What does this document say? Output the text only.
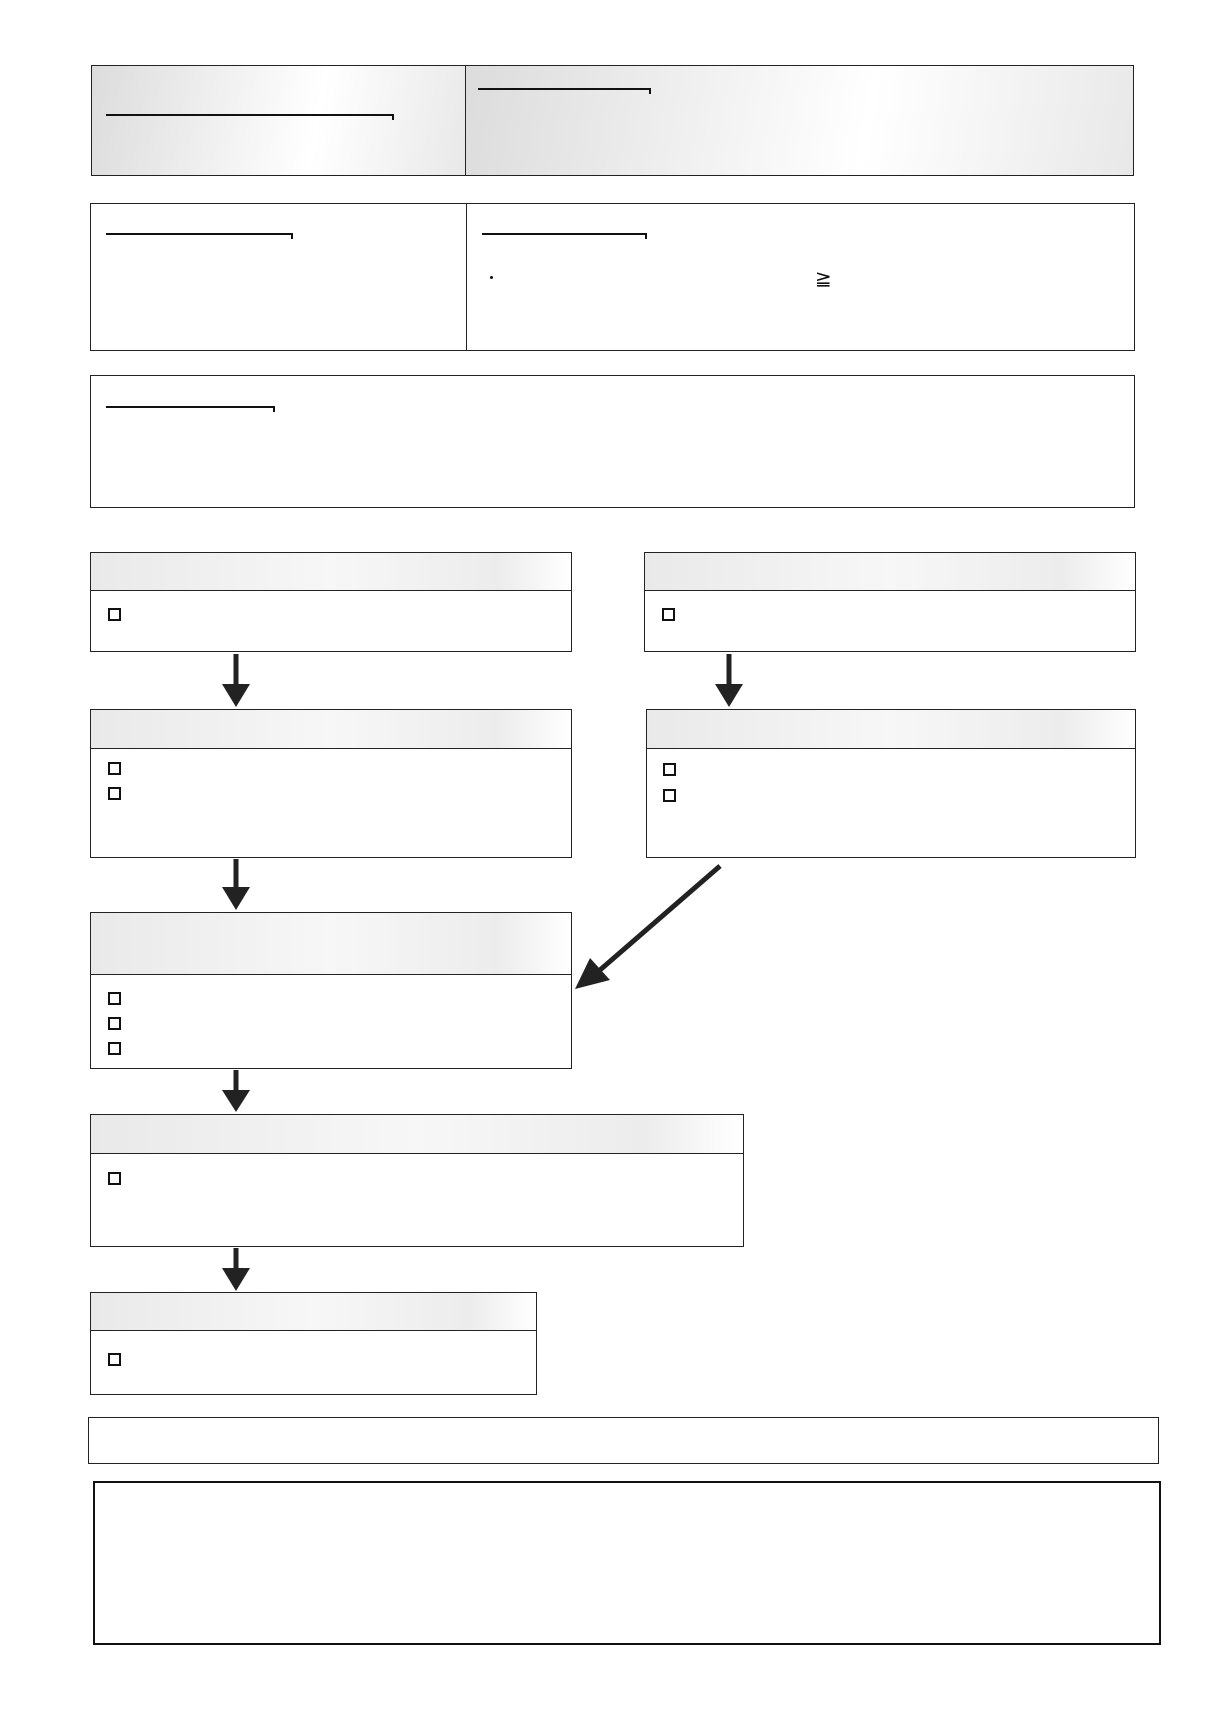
≧
